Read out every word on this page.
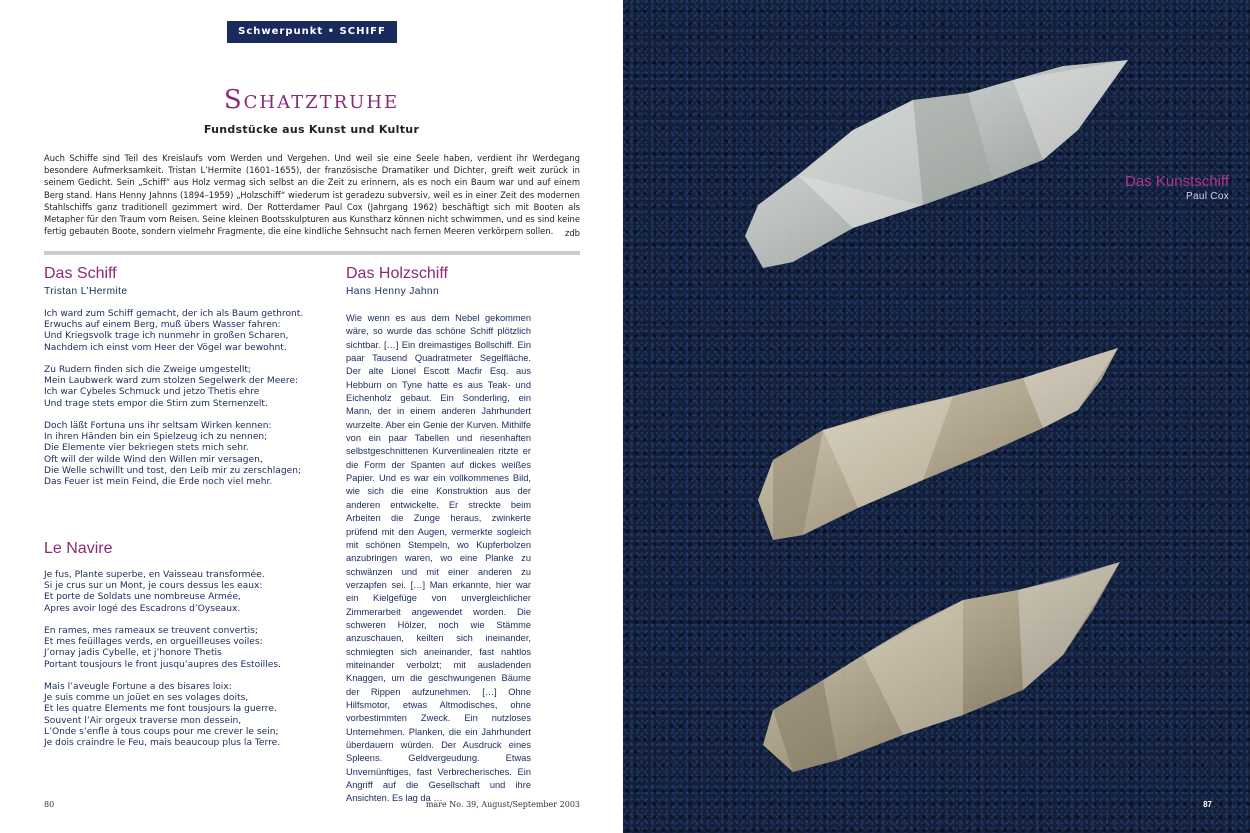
Schwerpunkt • SCHIFF
Schatztruhe
Fundstücke aus Kunst und Kultur

Auch Schiffe sind Teil des Kreislaufs vom Werden und Vergehen. Und weil sie eine Seele haben, verdient ihr Werdegang besondere Aufmerksamkeit. Tristan L’Hermite (1601–1655), der französische Dramatiker und Dichter, greift weit zurück in seinem Gedicht. Sein „Schiff“ aus Holz vermag sich selbst an die Zeit zu erinnern, als es noch ein Baum war und auf einem Berg stand. Hans Henny Jahnns (1894–1959) „Holzschiff“ wiederum ist geradezu subversiv, weil es in einer Zeit des modernen Stahlschiffs ganz traditionell gezimmert wird. Der Rotterdamer Paul Cox (Jahrgang 1962) beschäftigt sich mit Booten als Metapher für den Traum vom Reisen. Seine kleinen Bootsskulpturen aus Kunstharz können nicht schwimmen, und es sind keine fertig gebauten Boote, sondern vielmehr Fragmente, die eine kindliche Sehnsucht nach fernen Meeren verkörpern sollen.	zdb
Das Schiff
Tristan L’Hermite

Ich ward zum Schiff gemacht, der ich als Baum gethront.
Erwuchs auf einem Berg, muß übers Wasser fahren:
Und Kriegsvolk trage ich nunmehr in großen Scharen,
Nachdem ich einst vom Heer der Vögel war bewohnt.

Zu Rudern finden sich die Zweige umgestellt;
Mein Laubwerk ward zum stolzen Segelwerk der Meere:
Ich war Cybeles Schmuck und jetzo Thetis ehre
Und trage stets empor die Stirn zum Sternenzelt.

Doch läßt Fortuna uns ihr seltsam Wirken kennen:
In ihren Händen bin ein Spielzeug ich zu nennen;
Die Elemente vier bekriegen stets mich sehr.
Oft will der wilde Wind den Willen mir versagen,
Die Welle schwillt und tost, den Leib mir zu zerschlagen;
Das Feuer ist mein Feind, die Erde noch viel mehr.

Le Navire

Je fus, Plante superbe, en Vaisseau transformée.
Si je crus sur un Mont, je cours dessus les eaux:
Et porte de Soldats une nombreuse Armée,
Apres avoir logé des Escadrons d’Oyseaux.

En rames, mes rameaux se treuvent convertis;
Et mes feüillages verds, en orgueilleuses voiles:
J’ornay jadis Cybelle, et j’honore Thetis
Portant tousjours le front jusqu’aupres des Estoilles.

Mais l’aveugle Fortune a des bisares loix:
Je suis comme un joüet en ses volages doits,
Et les quatre Elements me font tousjours la guerre.
Souvent l’Air orgeux traverse mon dessein,
L’Onde s’enfle à tous coups pour me crever le sein;
Je dois craindre le Feu, mais beaucoup plus la Terre.

Das Holzschiff
Hans Henny Jahnn

Wie wenn es aus dem Nebel gekommen wäre, so wurde das schöne Schiff plötzlich sichtbar. […] Ein dreimastiges Bollschiff. Ein paar Tausend Quadratmeter Segelfläche. Der alte Lionel Escott Macfir Esq. aus Hebburn on Tyne hatte es aus Teak- und Eichenholz gebaut. Ein Sonderling, ein Mann, der in einem anderen Jahrhundert wurzelte. Aber ein Genie der Kurven. Mithilfe von ein paar Tabellen und riesenhaften selbstgeschnittenen Kurvenlinealen ritzte er die Form der Spanten auf dickes weißes Papier. Und es war ein vollkommenes Bild, wie sich die eine Konstruktion aus der anderen entwickelte. Er streckte beim Arbeiten die Zunge heraus, zwinkerte prüfend mit den Augen, vermerkte sogleich mit schönen Stempeln, wo Kupferbolzen anzubringen waren, wo eine Planke zu schwänzen und mit einer anderen zu verzapfen sei. […] Man erkannte, hier war ein Kielgefüge von unvergleichlicher Zimmerarbeit angewendet worden. Die schweren Hölzer, noch wie Stämme anzuschauen, keilten sich ineinander, schmiegten sich aneinander, fast nahtlos miteinander verbolzt; mit ausladenden Knaggen, um die geschwungenen Bäume der Rippen aufzunehmen. […] Ohne Hilfsmotor, etwas Altmodisches, ohne vorbestimmten Zweck. Ein nutzloses Unternehmen. Planken, die ein Jahrhundert überdauern würden. Der Ausdruck eines Spleens. Geldvergeudung. Etwas Unvernünftiges, fast Verbrecherisches. Ein Angriff auf die Gesellschaft und ihre Ansichten. Es lag da …

80	mare No. 39, August/September 2003
Das Kunstschiff
Paul Cox
87
